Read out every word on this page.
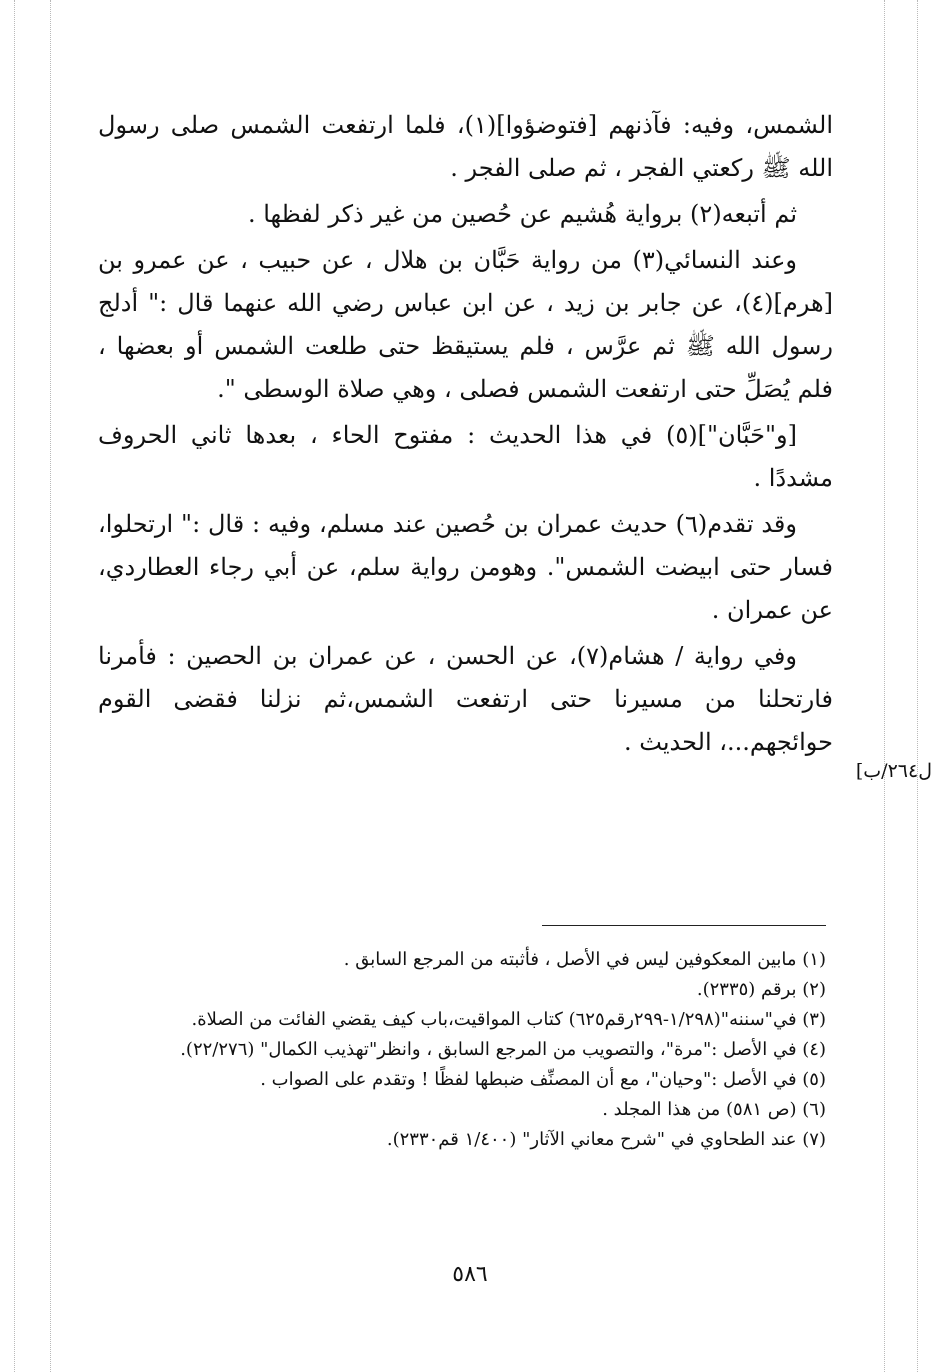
الشمس، وفيه: فآذنهم [فتوضؤوا](١)، فلما ارتفعت الشمس صلى رسول الله ﷺ ركعتي الفجر ، ثم صلى الفجر .

ثم أتبعه(٢) برواية هُشيم عن حُصين من غير ذكر لفظها .

وعند النسائي(٣) من رواية حَبَّان بن هلال ، عن حبيب ، عن عمرو بن [هرم](٤)، عن جابر بن زيد ، عن ابن عباس رضي الله عنهما قال :" أدلج رسول الله ﷺ ثم عرَّس ، فلم يستيقظ حتى طلعت الشمس أو بعضها ، فلم يُصَلِّ حتى ارتفعت الشمس فصلى ، وهي صلاة الوسطى ".

[و"حَبَّان"](٥) في هذا الحديث : مفتوح الحاء ، بعدها ثاني الحروف مشددًا .

وقد تقدم(٦) حديث عمران بن حُصين عند مسلم، وفيه : قال :" ارتحلوا، فسار حتى ابيضت الشمس". وهومن رواية سلم، عن أبي رجاء العطاردي، عن عمران .

وفي رواية / هشام(٧)، عن الحسن ، عن عمران بن الحصين : فأمرنا فارتحلنا من مسيرنا حتى ارتفعت الشمس،ثم نزلنا فقضى القوم حوائجهم...، الحديث .

ل٢٦٤/ب]

(١) مابين المعكوفين ليس في الأصل ، فأثبته من المرجع السابق .

(٢) برقم (٢٣٣٥).

(٣) في"سننه"(١/٢٩٨-٢٩٩رقم٦٢٥) كتاب المواقيت،باب كيف يقضي الفائت من الصلاة.

(٤) في الأصل :"مرة"، والتصويب من المرجع السابق ، وانظر"تهذيب الكمال" (٢٢/٢٧٦).

(٥) في الأصل :"وحيان"، مع أن المصنِّف ضبطها لفظًا ! وتقدم على الصواب .

(٦) (ص ٥٨١) من هذا المجلد .

(٧) عند الطحاوي في "شرح معاني الآثار" (١/٤٠٠ قم٢٣٣٠).

٥٨٦
